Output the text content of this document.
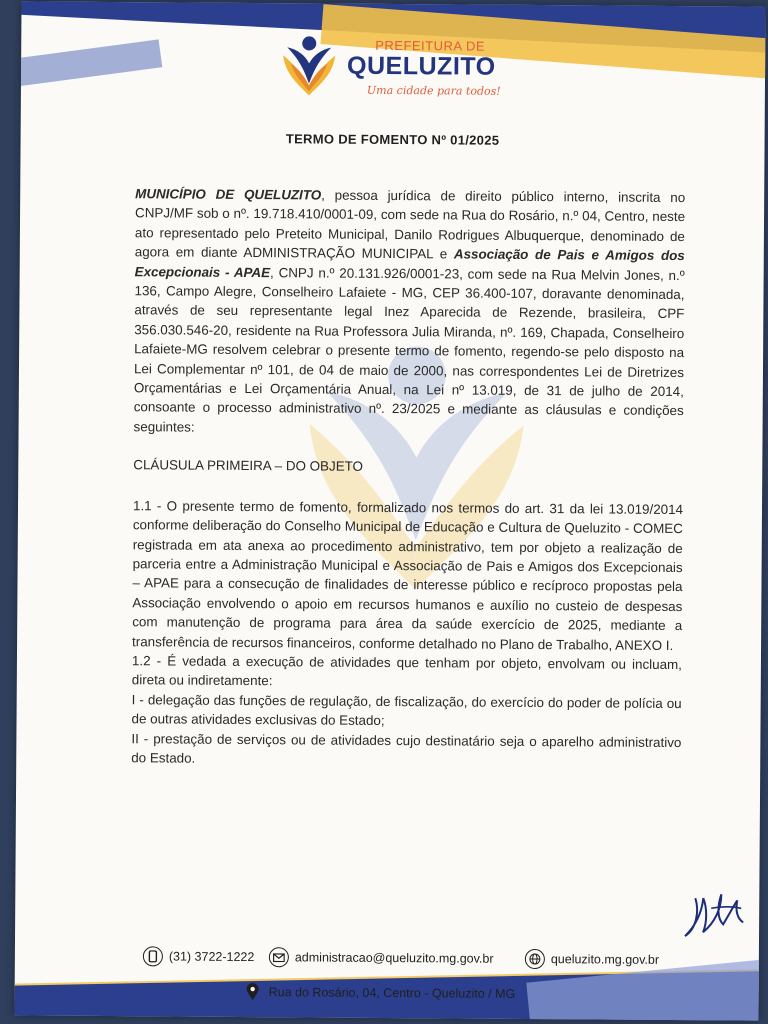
PREFEITURA DE
QUELUZITO
Uma cidade para todos!
TERMO DE FOMENTO Nº 01/2025

MUNICÍPIO DE QUELUZITO, pessoa jurídica de direito público interno, inscrita no CNPJ/MF sob o nº. 19.718.410/0001-09, com sede na Rua do Rosário, n.º 04, Centro, neste ato representado pelo Preteito Municipal, Danilo Rodrigues Albuquerque, denominado de agora em diante ADMINISTRAÇÃO MUNICIPAL e Associação de Pais e Amigos dos Excepcionais - APAE, CNPJ n.º 20.131.926/0001-23, com sede na Rua Melvin Jones, n.º 136, Campo Alegre, Conselheiro Lafaiete - MG, CEP 36.400-107, doravante denominada, através de seu representante legal Inez Aparecida de Rezende, brasileira, CPF 356.030.546-20, residente na Rua Professora Julia Miranda, nº. 169, Chapada, Conselheiro Lafaiete-MG resolvem celebrar o presente termo de fomento, regendo-se pelo disposto na Lei Complementar nº 101, de 04 de maio de 2000, nas correspondentes Lei de Diretrizes Orçamentárias e Lei Orçamentária Anual, na Lei nº 13.019, de 31 de julho de 2014, consoante o processo administrativo nº. 23/2025 e mediante as cláusulas e condições seguintes:

CLÁUSULA PRIMEIRA – DO OBJETO

1.1 - O presente termo de fomento, formalizado nos termos do art. 31 da lei 13.019/2014 conforme deliberação do Conselho Municipal de Educação e Cultura de Queluzito - COMEC registrada em ata anexa ao procedimento administrativo, tem por objeto a realização de parceria entre a Administração Municipal e Associação de Pais e Amigos dos Excepcionais – APAE para a consecução de finalidades de interesse público e recíproco propostas pela Associação envolvendo o apoio em recursos humanos e auxílio no custeio de despesas com manutenção de programa para área da saúde exercício de 2025, mediante a transferência de recursos financeiros, conforme detalhado no Plano de Trabalho, ANEXO I.

1.2 - É vedada a execução de atividades que tenham por objeto, envolvam ou incluam, direta ou indiretamente:

I - delegação das funções de regulação, de fiscalização, do exercício do poder de polícia ou de outras atividades exclusivas do Estado;

II - prestação de serviços ou de atividades cujo destinatário seja o aparelho administrativo do Estado.

(31) 3722-1222	administracao@queluzito.mg.gov.br	queluzito.mg.gov.br
Rua do Rosário, 04, Centro - Queluzito / MG
